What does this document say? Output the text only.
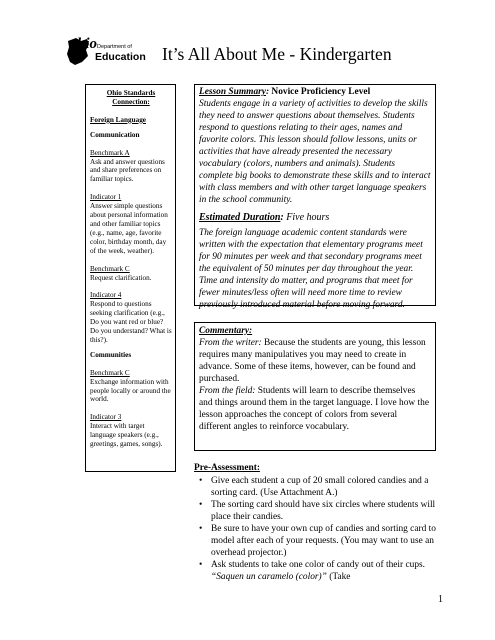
hio Department of
Education It’s All About Me - Kindergarten

Ohio Standards Connection:

Foreign Language

Communication

Benchmark A

Ask and answer questions and share preferences on familiar topics.

Indicator 1

Answer simple questions about personal information and other familiar topics (e.g., name, age, favorite color, birthday month, day of the week, weather).

Benchmark C

Request clarification.

Indicator 4

Respond to questions seeking clarification (e.g., Do you want red or blue? Do you understand? What is this?).

Communities

Benchmark C

Exchange information with people locally or around the world.

Indicator 3

Interact with target language speakers (e.g., greetings, games, songs).

Lesson Summary: Novice Proficiency Level

Students engage in a variety of activities to develop the skills they need to answer questions about themselves. Students respond to questions relating to their ages, names and favorite colors. This lesson should follow lessons, units or activities that have already presented the necessary vocabulary (colors, numbers and animals). Students complete big books to demonstrate these skills and to interact with class members and with other target language speakers in the school community.

Estimated Duration: Five hours

The foreign language academic content standards were written with the expectation that elementary programs meet for 90 minutes per week and that secondary programs meet the equivalent of 50 minutes per day throughout the year. Time and intensity do matter, and programs that meet for fewer minutes/less often will need more time to review previously introduced material before moving forward.

Commentary:

From the writer: Because the students are young, this lesson requires many manipulatives you may need to create in advance. Some of these items, however, can be found and purchased.

From the field: Students will learn to describe themselves and things around them in the target language. I love how the lesson approaches the concept of colors from several different angles to reinforce vocabulary.

Pre-Assessment:

• Give each student a cup of 20 small colored candies and a sorting card. (Use Attachment A.)
• The sorting card should have six circles where students will place their candies.
• Be sure to have your own cup of candies and sorting card to model after each of your requests. (You may want to use an overhead projector.)
• Ask students to take one color of candy out of their cups. “Saquen un caramelo (color)” (Take
1
